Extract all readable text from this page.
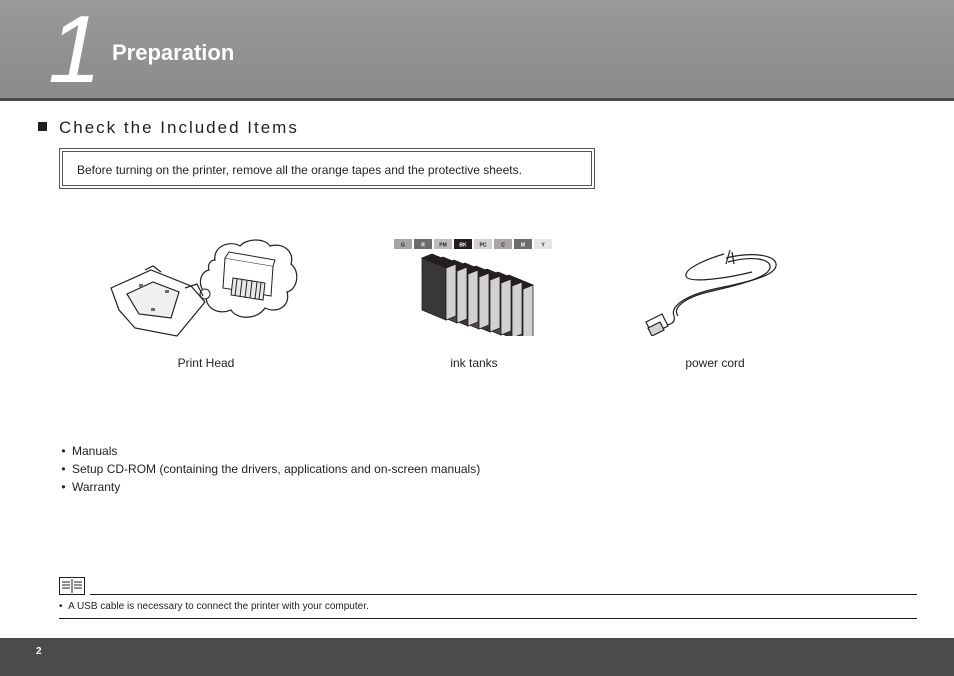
1 Preparation
Check the Included Items
Before turning on the printer, remove all the orange tapes and the protective sheets.
G	R	PM	BK	PC	C	M	Y
Print Head	ink tanks	power cord
• Manuals
• Setup CD-ROM (containing the drivers, applications and on-screen manuals)
• Warranty
•  A USB cable is necessary to connect the printer with your computer.
2
